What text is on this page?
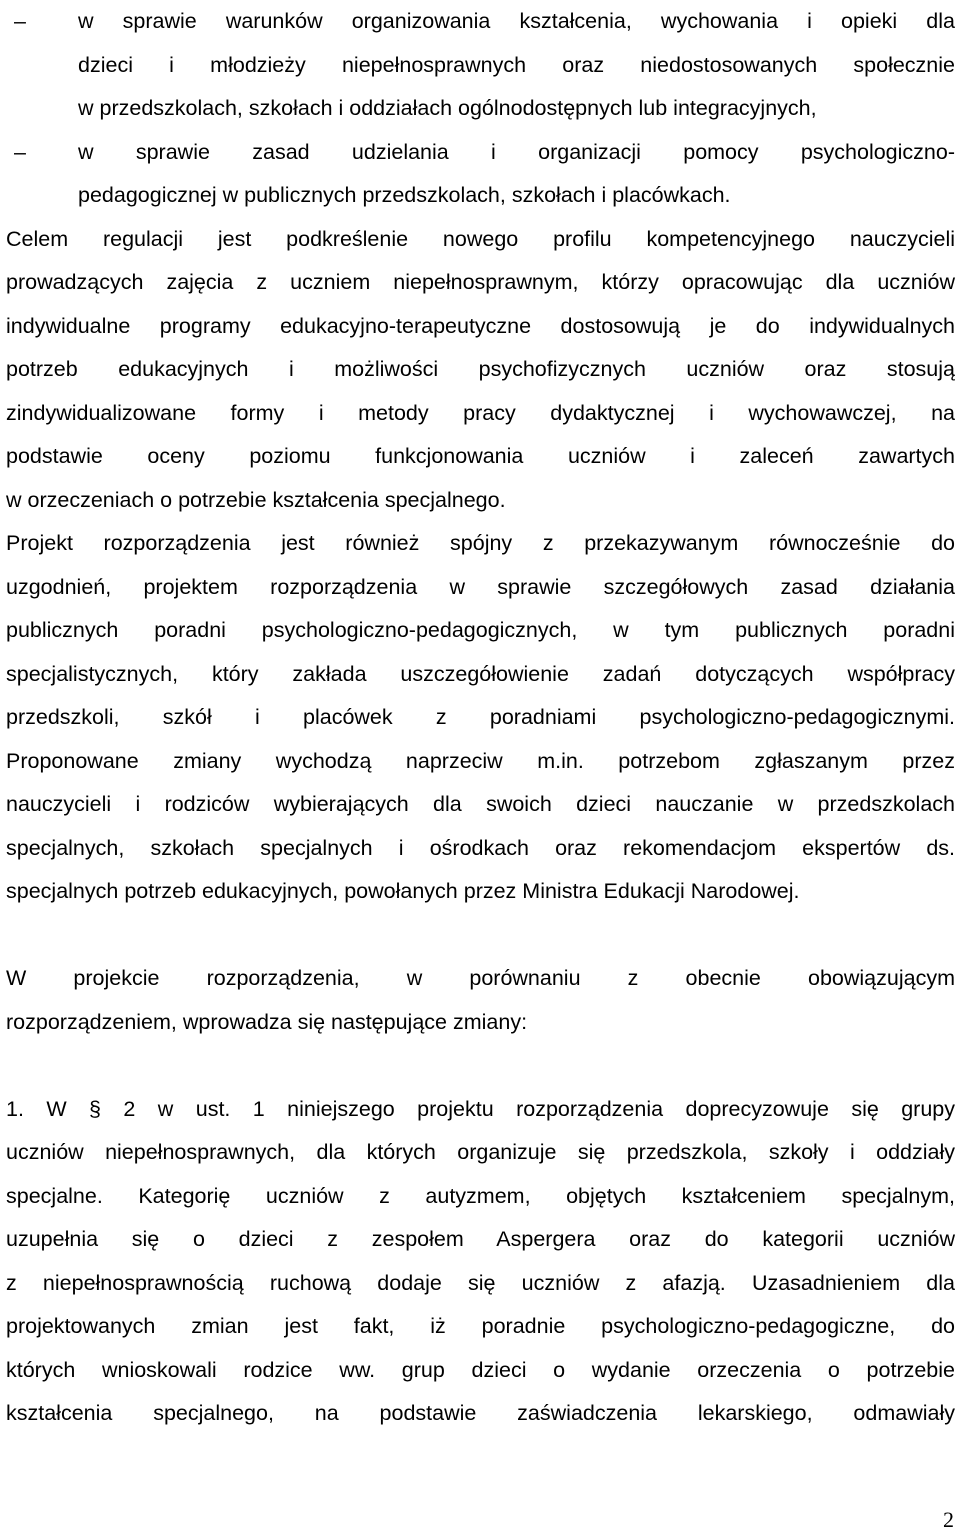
–	w sprawie warunków organizowania kształcenia, wychowania i opieki dla
dzieci i młodzieży niepełnosprawnych oraz niedostosowanych społecznie
w przedszkolach, szkołach i oddziałach ogólnodostępnych lub integracyjnych,
–	w sprawie zasad udzielania i organizacji pomocy psychologiczno-
pedagogicznej w publicznych przedszkolach, szkołach i placówkach.
Celem regulacji jest podkreślenie nowego profilu kompetencyjnego nauczycieli
prowadzących zajęcia z uczniem niepełnosprawnym, którzy opracowując dla uczniów
indywidualne programy edukacyjno-terapeutyczne dostosowują je do indywidualnych
potrzeb edukacyjnych i możliwości psychofizycznych uczniów oraz stosują
zindywidualizowane formy i metody pracy dydaktycznej i wychowawczej, na
podstawie oceny poziomu funkcjonowania uczniów i zaleceń zawartych
w orzeczeniach o potrzebie kształcenia specjalnego.
Projekt rozporządzenia jest również spójny z przekazywanym równocześnie do
uzgodnień, projektem rozporządzenia w sprawie szczegółowych zasad działania
publicznych poradni psychologiczno-pedagogicznych, w tym publicznych poradni
specjalistycznych, który zakłada uszczegółowienie zadań dotyczących współpracy
przedszkoli, szkół i placówek z poradniami psychologiczno-pedagogicznymi.
Proponowane zmiany wychodzą naprzeciw m.in. potrzebom zgłaszanym przez
nauczycieli i rodziców wybierających dla swoich dzieci nauczanie w przedszkolach
specjalnych, szkołach specjalnych i ośrodkach oraz rekomendacjom ekspertów ds.
specjalnych potrzeb edukacyjnych, powołanych przez Ministra Edukacji Narodowej.
W projekcie rozporządzenia, w porównaniu z obecnie obowiązującym
rozporządzeniem, wprowadza się następujące zmiany:
1. W § 2 w ust. 1 niniejszego projektu rozporządzenia doprecyzowuje się grupy
uczniów niepełnosprawnych, dla których organizuje się przedszkola, szkoły i oddziały
specjalne. Kategorię uczniów z autyzmem, objętych kształceniem specjalnym,
uzupełnia się o dzieci z zespołem Aspergera oraz do kategorii uczniów
z niepełnosprawnością ruchową dodaje się uczniów z afazją. Uzasadnieniem dla
projektowanych zmian jest fakt, iż poradnie psychologiczno-pedagogiczne, do
których wnioskowali rodzice ww. grup dzieci o wydanie orzeczenia o potrzebie
kształcenia specjalnego, na podstawie zaświadczenia lekarskiego, odmawiały
2
